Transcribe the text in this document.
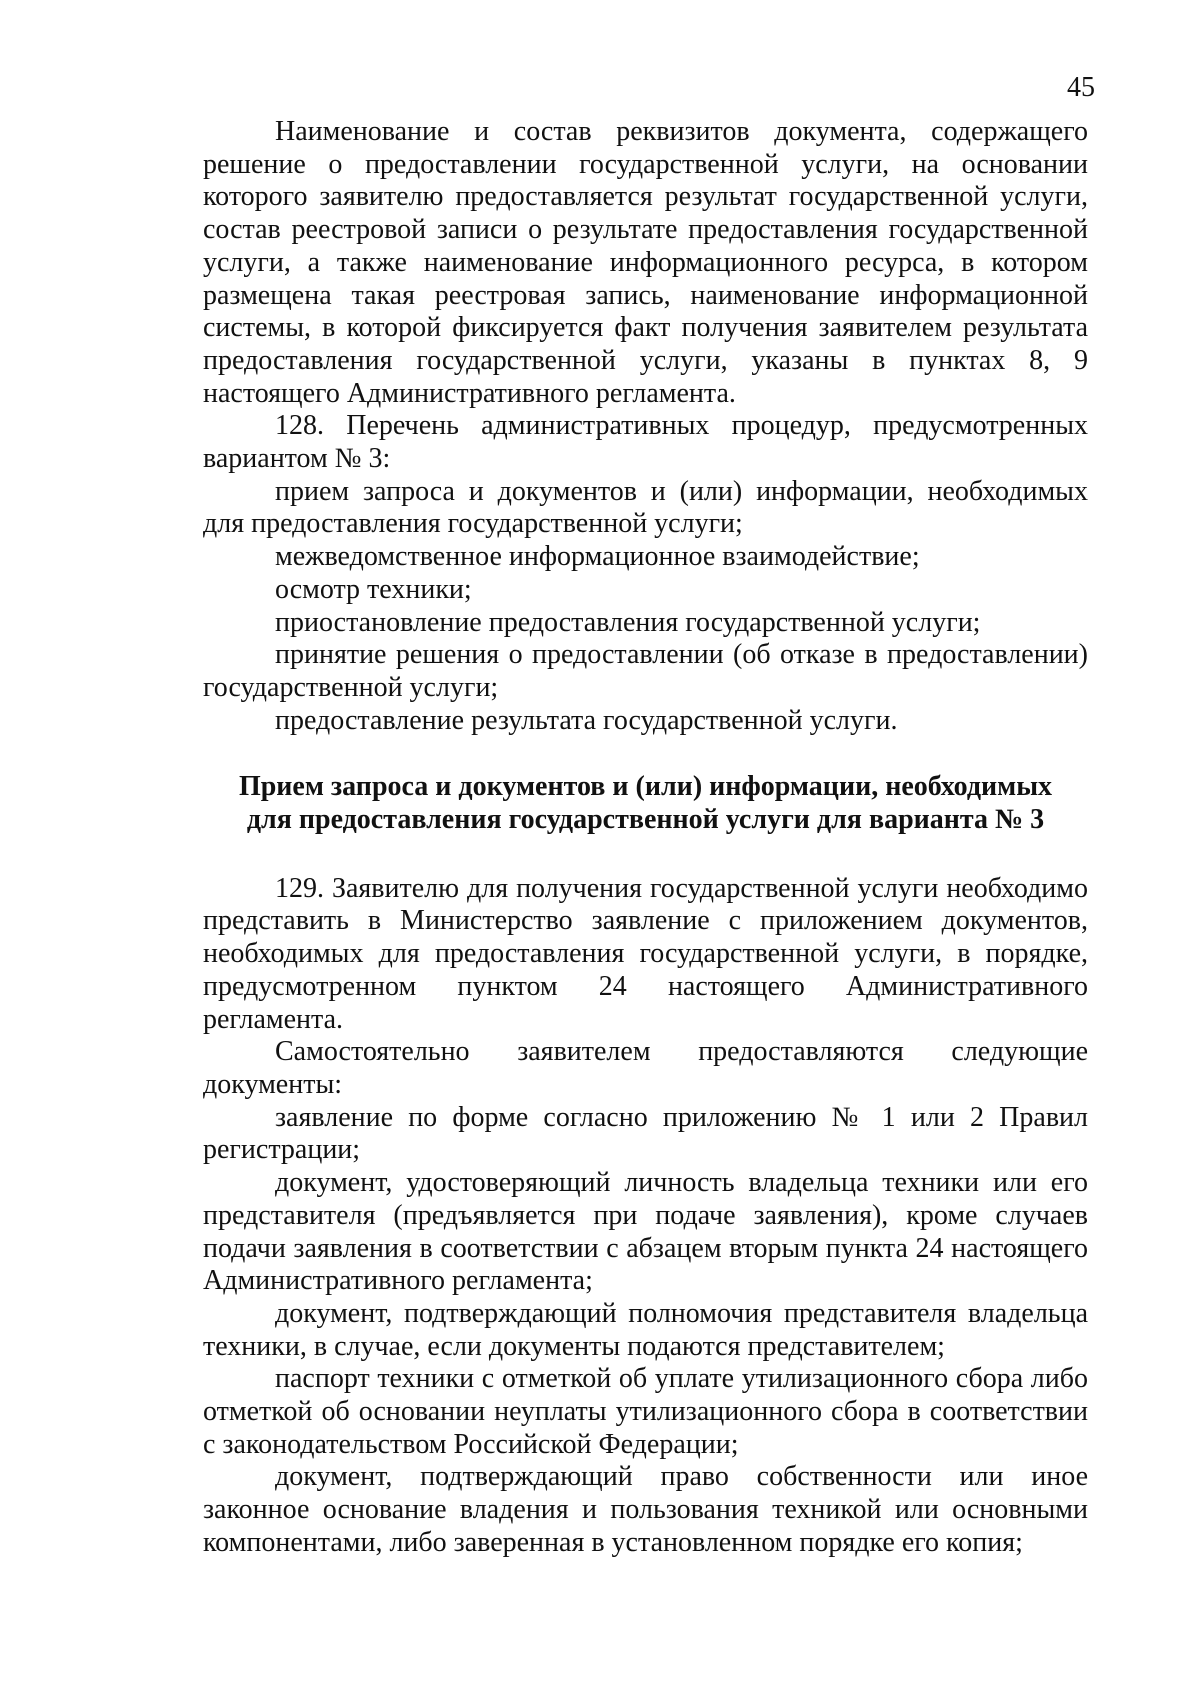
45

Наименование и состав реквизитов документа, содержащего решение о предоставлении государственной услуги, на основании которого заявителю предоставляется результат государственной услуги, состав реестровой записи о результате предоставления государственной услуги, а также наименование информационного ресурса, в котором размещена такая реестровая запись, наименование информационной системы, в которой фиксируется факт получения заявителем результата предоставления государственной услуги, указаны в пунктах 8, 9 настоящего Административного регламента.

128. Перечень административных процедур, предусмотренных вариантом № 3:

прием запроса и документов и (или) информации, необходимых для предоставления государственной услуги;

межведомственное информационное взаимодействие;

осмотр техники;

приостановление предоставления государственной услуги;

принятие решения о предоставлении (об отказе в предоставлении) государственной услуги;

предоставление результата государственной услуги.

Прием запроса и документов и (или) информации, необходимых
для предоставления государственной услуги для варианта № 3

129. Заявителю для получения государственной услуги необходимо представить в Министерство заявление с приложением документов, необходимых для предоставления государственной услуги, в порядке, предусмотренном пунктом 24 настоящего Административного регламента.

Самостоятельно заявителем предоставляются следующие документы:

заявление по форме согласно приложению № 1 или 2 Правил регистрации;

документ, удостоверяющий личность владельца техники или его представителя (предъявляется при подаче заявления), кроме случаев подачи заявления в соответствии с абзацем вторым пункта 24 настоящего Административного регламента;

документ, подтверждающий полномочия представителя владельца техники, в случае, если документы подаются представителем;

паспорт техники с отметкой об уплате утилизационного сбора либо отметкой об основании неуплаты утилизационного сбора в соответствии с законодательством Российской Федерации;

документ, подтверждающий право собственности или иное законное основание владения и пользования техникой или основными компонентами, либо заверенная в установленном порядке его копия;
